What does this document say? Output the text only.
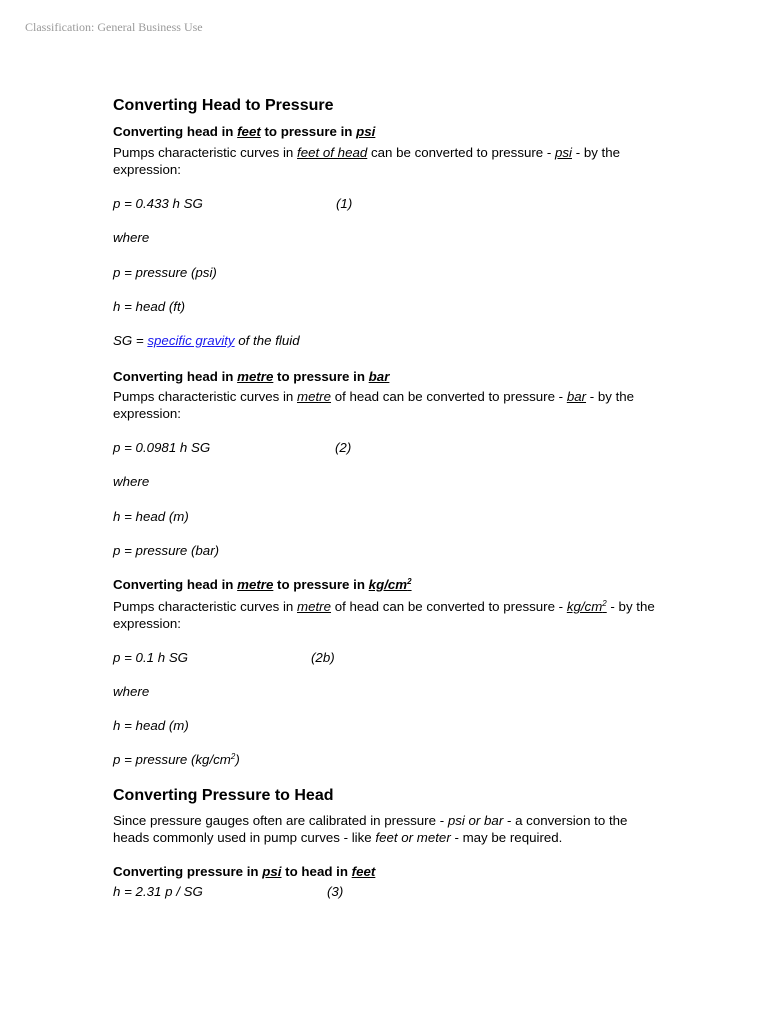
Classification: General Business Use
Converting Head to Pressure
Converting head in feet to pressure in psi
Pumps characteristic curves in feet of head can be converted to pressure - psi - by the expression:
p = 0.433 h SG	(1)
where
p = pressure (psi)
h = head (ft)
SG = specific gravity of the fluid
Converting head in metre to pressure in bar
Pumps characteristic curves in metre of head can be converted to pressure - bar - by the expression:
p = 0.0981 h SG	(2)
where
h = head (m)
p = pressure (bar)
Converting head in metre to pressure in $kg/cm^2$
Pumps characteristic curves in metre of head can be converted to pressure - $kg/cm^2$ - by the expression:
p = 0.1 h SG	(2b)
where
h = head (m)
p = pressure $(kg/cm^2)$
Converting Pressure to Head
Since pressure gauges often are calibrated in pressure - psi or bar - a conversion to the heads commonly used in pump curves - like feet or meter - may be required.
Converting pressure in psi to head in feet
h = 2.31 p / SG	(3)
